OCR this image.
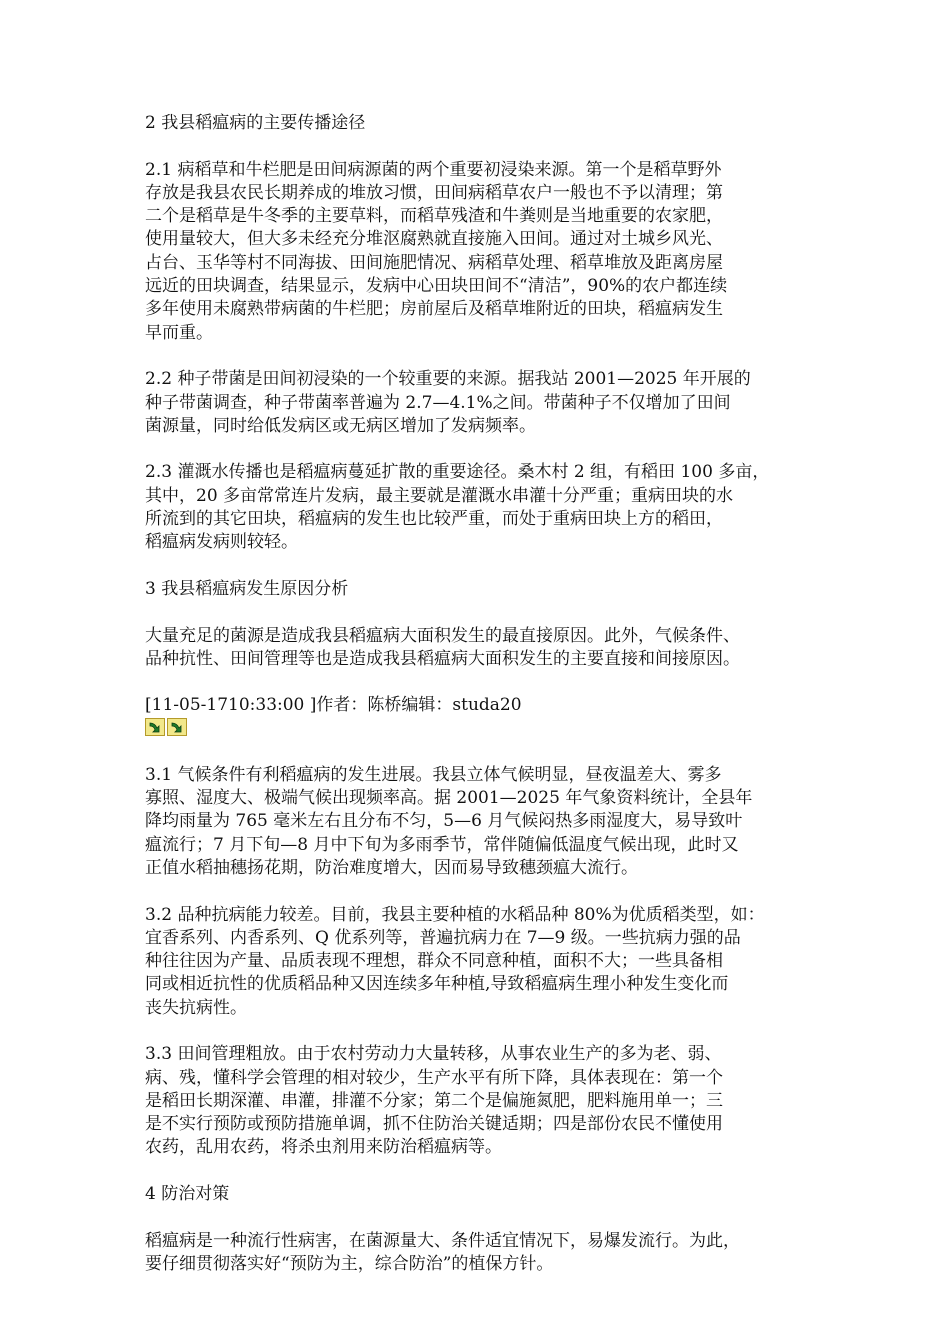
2 我县稻瘟病的主要传播途径
2.1 病稻草和牛栏肥是田间病源菌的两个重要初浸染来源。第一个是稻草野外
存放是我县农民长期养成的堆放习惯，田间病稻草农户一般也不予以清理；第
二个是稻草是牛冬季的主要草料，而稻草残渣和牛粪则是当地重要的农家肥，
使用量较大，但大多未经充分堆沤腐熟就直接施入田间。通过对土城乡风光、
占台、玉华等村不同海拔、田间施肥情况、病稻草处理、稻草堆放及距离房屋
远近的田块调查，结果显示，发病中心田块田间不“清洁”，90%的农户都连续
多年使用未腐熟带病菌的牛栏肥；房前屋后及稻草堆附近的田块，稻瘟病发生
早而重。
2.2 种子带菌是田间初浸染的一个较重要的来源。据我站 2001—2025 年开展的
种子带菌调查，种子带菌率普遍为 2.7—4.1%之间。带菌种子不仅增加了田间
菌源量，同时给低发病区或无病区增加了发病频率。
2.3 灌溉水传播也是稻瘟病蔓延扩散的重要途径。桑木村 2 组，有稻田 100 多亩，
其中，20 多亩常常连片发病，最主要就是灌溉水串灌十分严重；重病田块的水
所流到的其它田块，稻瘟病的发生也比较严重，而处于重病田块上方的稻田，
稻瘟病发病则较轻。
3 我县稻瘟病发生原因分析
大量充足的菌源是造成我县稻瘟病大面积发生的最直接原因。此外，气候条件、
品种抗性、田间管理等也是造成我县稻瘟病大面积发生的主要直接和间接原因。
[11-05-1710:33:00 ]作者：陈桥编辑：studa20
3.1 气候条件有利稻瘟病的发生进展。我县立体气候明显，昼夜温差大、雾多
寡照、湿度大、极端气候出现频率高。据 2001—2025 年气象资料统计，全县年
降均雨量为 765 毫米左右且分布不匀，5—6 月气候闷热多雨湿度大，易导致叶
瘟流行；7 月下旬—8 月中下旬为多雨季节，常伴随偏低温度气候出现，此时又
正值水稻抽穗扬花期，防治难度增大，因而易导致穗颈瘟大流行。
3.2 品种抗病能力较差。目前，我县主要种植的水稻品种 80%为优质稻类型，如：
宜香系列、内香系列、Q 优系列等，普遍抗病力在 7—9 级。一些抗病力强的品
种往往因为产量、品质表现不理想，群众不同意种植，面积不大；一些具备相
同或相近抗性的优质稻品种又因连续多年种植,导致稻瘟病生理小种发生变化而
丧失抗病性。
3.3 田间管理粗放。由于农村劳动力大量转移，从事农业生产的多为老、弱、
病、残，懂科学会管理的相对较少，生产水平有所下降，具体表现在：第一个
是稻田长期深灌、串灌，排灌不分家；第二个是偏施氮肥，肥料施用单一；三
是不实行预防或预防措施单调，抓不住防治关键适期；四是部份农民不懂使用
农药，乱用农药，将杀虫剂用来防治稻瘟病等。
4 防治对策
稻瘟病是一种流行性病害，在菌源量大、条件适宜情况下，易爆发流行。为此，
要仔细贯彻落实好“预防为主，综合防治”的植保方针。
